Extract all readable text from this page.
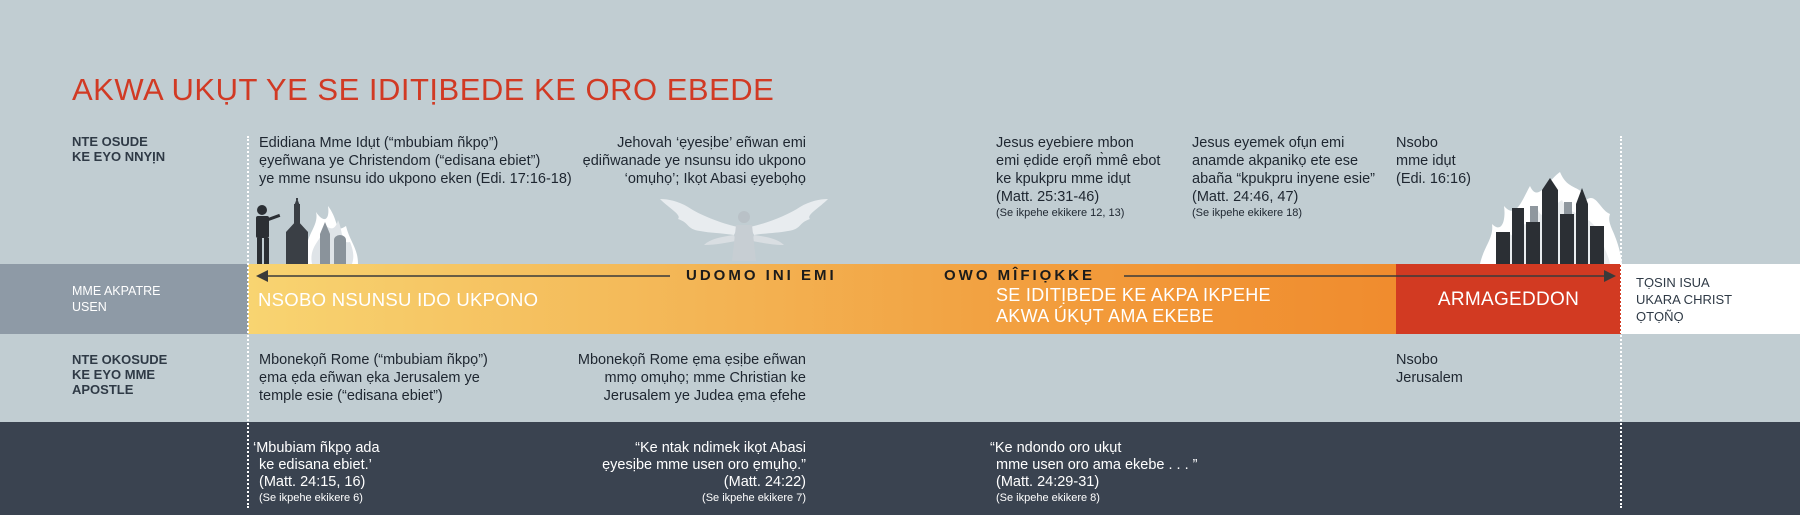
AKWA UKỤT YE SE IDITỊBEDE KE ORO EBEDE
NTE OSUDE
KE EYO NNYỊN
NTE OKOSUDE
KE EYO MME
APOSTLE
Edidiana Mme Idụt (“mbubiam ñkpọ”)
ẹyeñwana ye Christendom (“edisana ebiet”)
ye mme nsunsu ido ukpono eken (Edi. 17:16-18)
Jehovah ‘ẹyesịbe’ eñwan emi
ẹdiñwanade ye nsunsu ido ukpono
‘omụhọ’; Ikọt Abasi ẹyebọhọ
Jesus eyebiere mbon
emi ẹdide erọñ m̀mê ebot
ke kpukpru mme idụt
(Matt. 25:31-46)
(Se ikpehe ekikere 12, 13)
Jesus eyemek ofụn emi
anamde akpanikọ ete ese
abaña “kpukpru inyene esie”
(Matt. 24:46, 47)
(Se ikpehe ekikere 18)
Nsobo
mme idụt
(Edi. 16:16)
MME AKPATRE
USEN	NSOBO NSUNSU IDO UKPONO	SE IDITỊBEDE KE AKPA IKPEHE
AKWA ÚKỤT AMA EKEBE
ARMAGEDDON
TỌSIN ISUA
UKARA CHRIST
ỌTỌÑỌ
UDOMO INI EMI	OWO MÎFIỌKKE
Mbonekọñ Rome (“mbubiam ñkpọ”)
ẹma ẹda eñwan ẹka Jerusalem ye
temple esie (“edisana ebiet”)
Mbonekọñ Rome ẹma ẹsịbe eñwan
mmọ omụhọ; mme Christian ke
Jerusalem ye Judea ẹma ẹfehe
Nsobo
Jerusalem
‘Mbubiam ñkpọ ada
ke edisana ebiet.’
(Matt. 24:15, 16)
(Se ikpehe ekikere 6)
“Ke ntak ndimek ikọt Abasi
ẹyesịbe mme usen oro ẹmụhọ.”
(Matt. 24:22)
(Se ikpehe ekikere 7)
“Ke ndondo oro ukụt
mme usen oro ama ekebe . . . ”
(Matt. 24:29-31)
(Se ikpehe ekikere 8)
